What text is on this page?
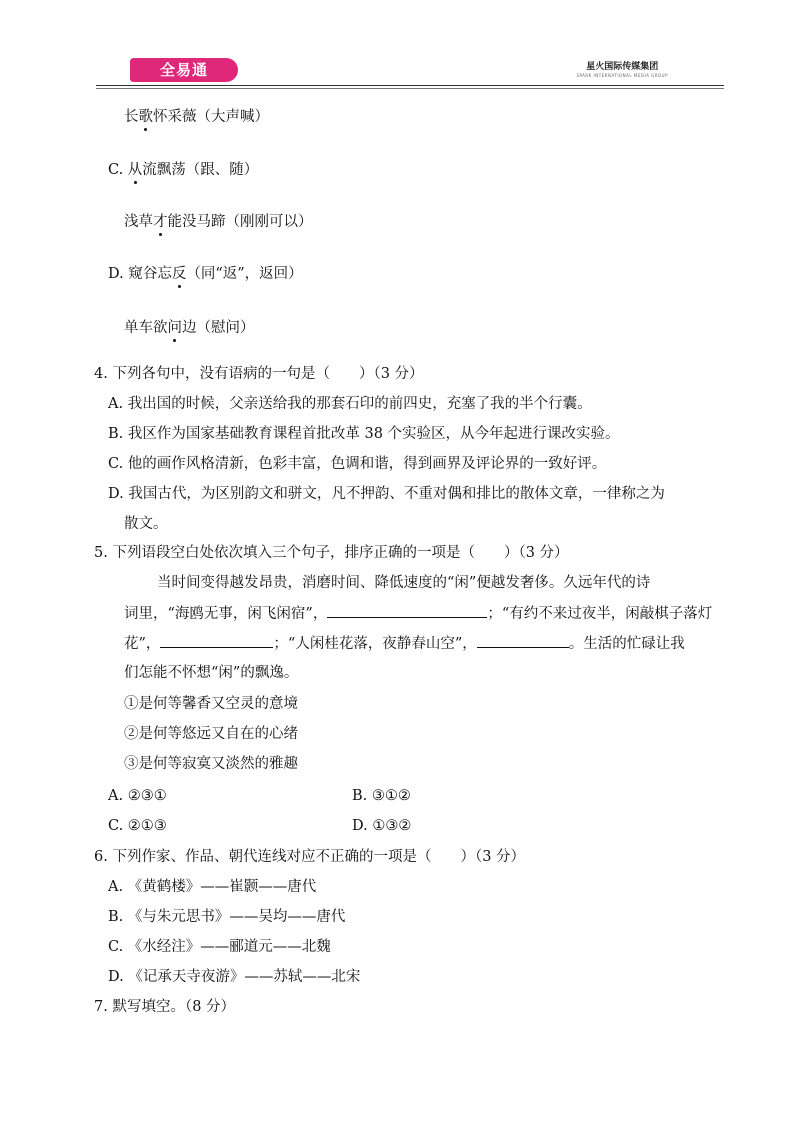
全易通	星火国际传媒集团
SPARK INTERNATIONAL MEDIA GROUP
长歌怀采薇（大声喊）
C. 从流飘荡（跟、随）
浅草才能没马蹄（刚刚可以）
D. 窥谷忘反（同“返”，返回）
单车欲问边（慰问）
4. 下列各句中，没有语病的一句是（　　）（3 分）
A. 我出国的时候，父亲送给我的那套石印的前四史，充塞了我的半个行囊。
B. 我区作为国家基础教育课程首批改革 38 个实验区，从今年起进行课改实验。
C. 他的画作风格清新，色彩丰富，色调和谐，得到画界及评论界的一致好评。
D. 我国古代，为区别韵文和骈文，凡不押韵、不重对偶和排比的散体文章，一律称之为
散文。
5. 下列语段空白处依次填入三个句子，排序正确的一项是（　　）（3 分）
当时间变得越发昂贵，消磨时间、降低速度的“闲”便越发奢侈。久远年代的诗
词里，“海鸥无事，闲飞闲宿”，	；“有约不来过夜半，闲敲棋子落灯
花”，	；“人闲桂花落，夜静春山空”，	。生活的忙碌让我
们怎能不怀想“闲”的飘逸。
①是何等馨香又空灵的意境
②是何等悠远又自在的心绪
③是何等寂寞又淡然的雅趣
A. ②③①	B. ③①②
C. ②①③	D. ①③②
6. 下列作家、作品、朝代连线对应不正确的一项是（　　）（3 分）
A. 《黄鹤楼》——崔颢——唐代
B. 《与朱元思书》——吴均——唐代
C. 《水经注》——郦道元——北魏
D. 《记承天寺夜游》——苏轼——北宋
7. 默写填空。（8 分）
